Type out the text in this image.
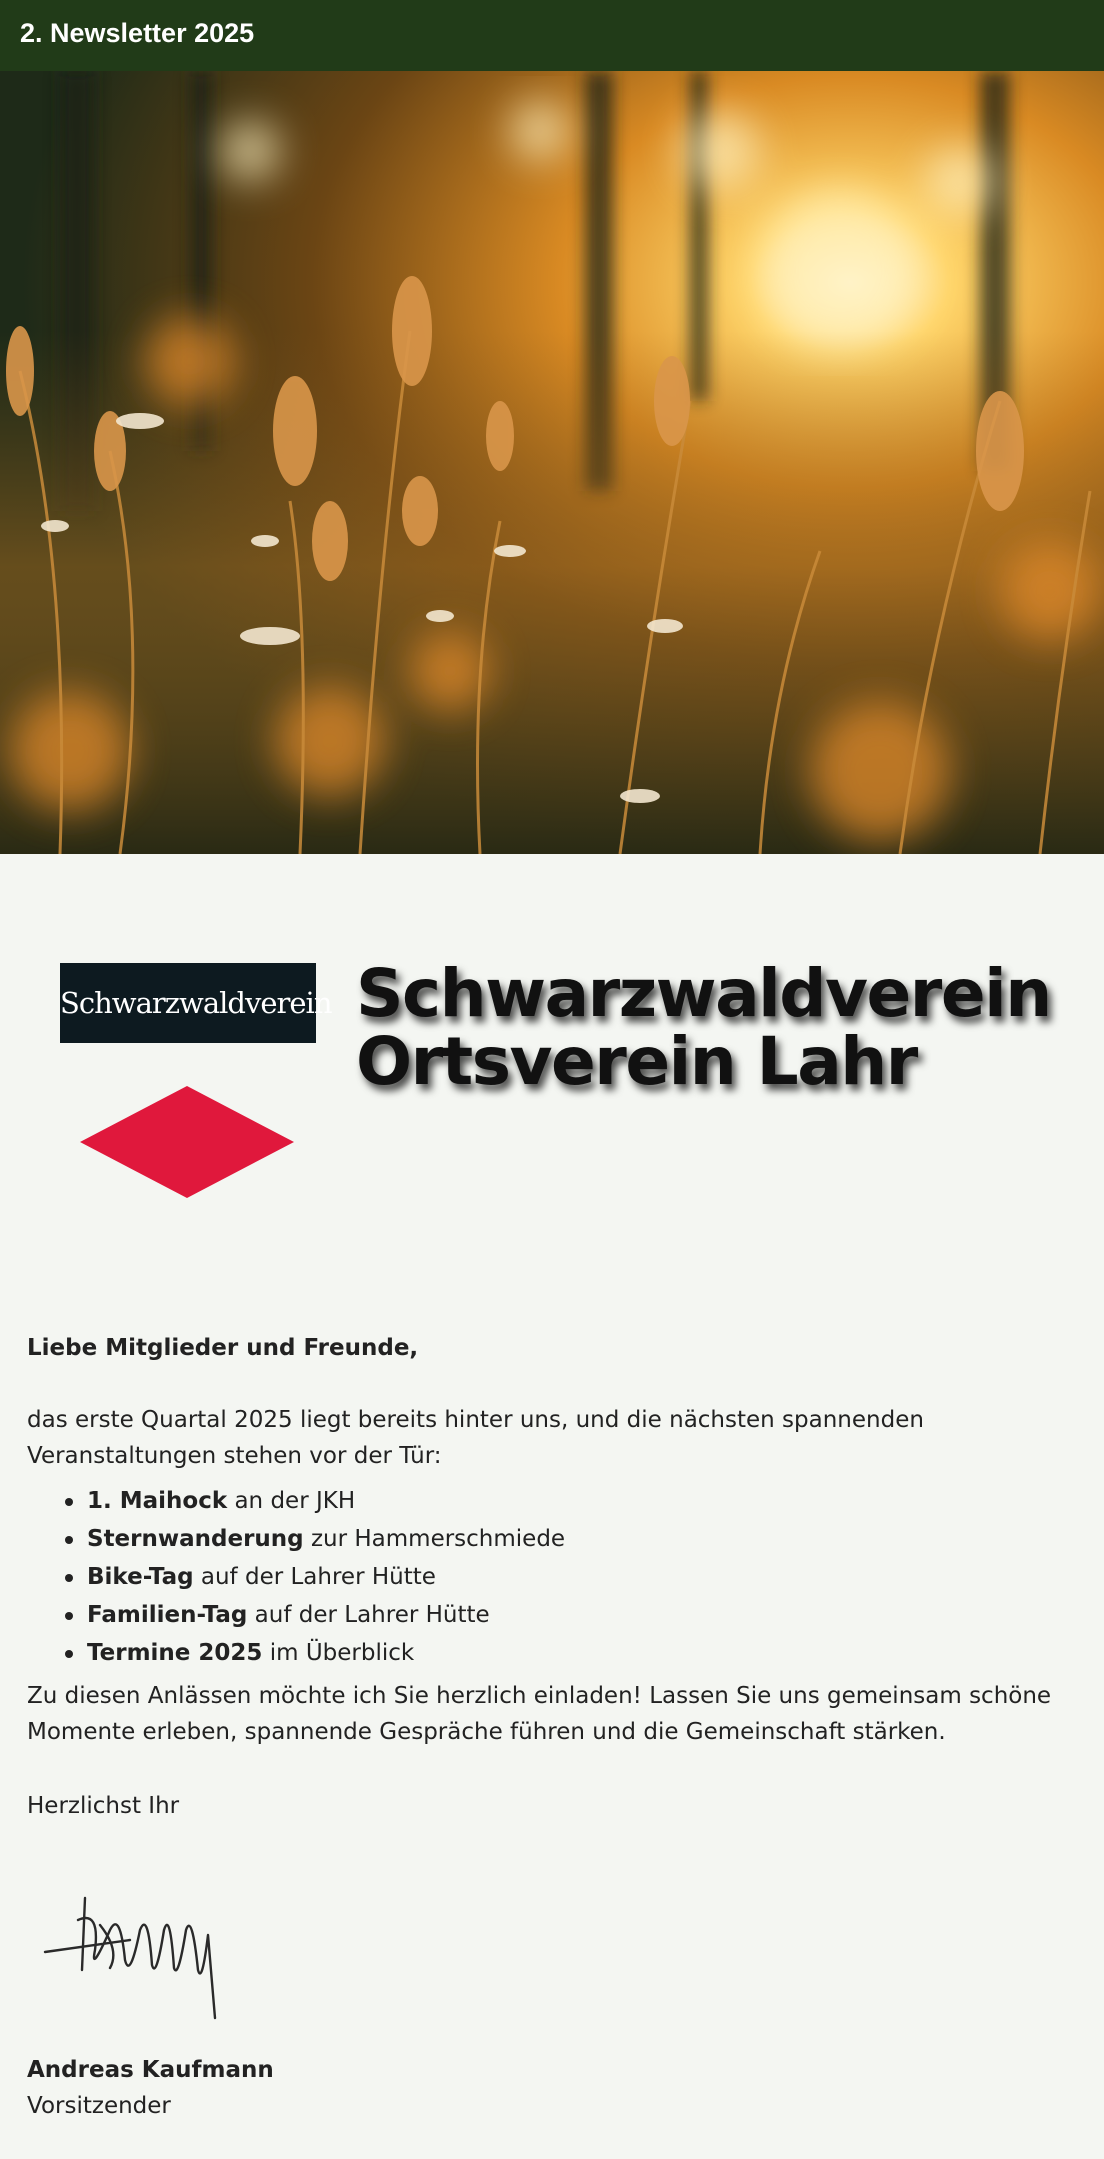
2. Newsletter 2025
Schwarzwaldverein Schwarzwaldverein
Ortsverein Lahr
Liebe Mitglieder und Freunde,
das erste Quartal 2025 liegt bereits hinter uns, und die nächsten spannenden Veranstaltungen stehen vor der Tür:
1. Maihock an der JKH
Sternwanderung zur Hammerschmiede
Bike-Tag auf der Lahrer Hütte
Familien-Tag auf der Lahrer Hütte
Termine 2025 im Überblick
Zu diesen Anlässen möchte ich Sie herzlich einladen! Lassen Sie uns gemeinsam schöne Momente erleben, spannende Gespräche führen und die Gemeinschaft stärken.
Herzlichst Ihr
Andreas Kaufmann
Vorsitzender
